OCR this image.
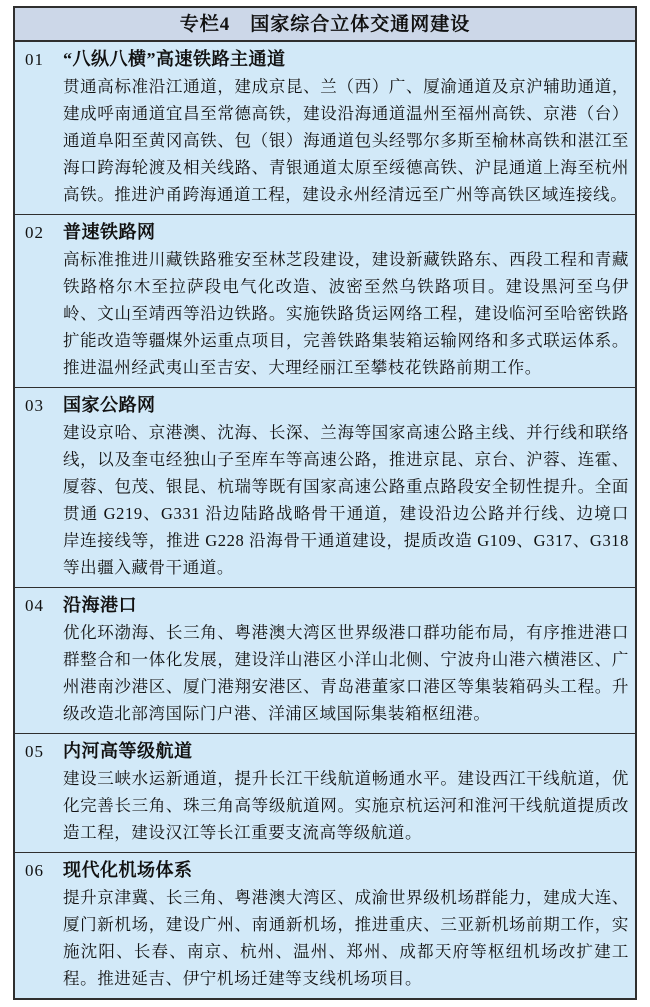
专栏4　国家综合立体交通网建设
01 “八纵八横”高速铁路主通道

贯通高标准沿江通道，建成京昆、兰（西）广、厦渝通道及京沪辅助通道，建成呼南通道宜昌至常德高铁，建设沿海通道温州至福州高铁、京港（台）通道阜阳至黄冈高铁、包（银）海通道包头经鄂尔多斯至榆林高铁和湛江至海口跨海轮渡及相关线路、青银通道太原至绥德高铁、沪昆通道上海至杭州高铁。推进沪甬跨海通道工程，建设永州经清远至广州等高铁区域连接线。

02 普速铁路网

高标准推进川藏铁路雅安至林芝段建设，建设新藏铁路东、西段工程和青藏铁路格尔木至拉萨段电气化改造、波密至然乌铁路项目。建设黑河至乌伊岭、文山至靖西等沿边铁路。实施铁路货运网络工程，建设临河至哈密铁路扩能改造等疆煤外运重点项目，完善铁路集装箱运输网络和多式联运体系。推进温州经武夷山至吉安、大理经丽江至攀枝花铁路前期工作。

03 国家公路网

建设京哈、京港澳、沈海、长深、兰海等国家高速公路主线、并行线和联络线，以及奎屯经独山子至库车等高速公路，推进京昆、京台、沪蓉、连霍、厦蓉、包茂、银昆、杭瑞等既有国家高速公路重点路段安全韧性提升。全面贯通 G219、G331 沿边陆路战略骨干通道，建设沿边公路并行线、边境口岸连接线等，推进 G228 沿海骨干通道建设，提质改造 G109、G317、G318 等出疆入藏骨干通道。

04 沿海港口

优化环渤海、长三角、粤港澳大湾区世界级港口群功能布局，有序推进港口群整合和一体化发展，建设洋山港区小洋山北侧、宁波舟山港六横港区、广州港南沙港区、厦门港翔安港区、青岛港董家口港区等集装箱码头工程。升级改造北部湾国际门户港、洋浦区域国际集装箱枢纽港。

05 内河高等级航道

建设三峡水运新通道，提升长江干线航道畅通水平。建设西江干线航道，优化完善长三角、珠三角高等级航道网。实施京杭运河和淮河干线航道提质改造工程，建设汉江等长江重要支流高等级航道。

06 现代化机场体系

提升京津冀、长三角、粤港澳大湾区、成渝世界级机场群能力，建成大连、厦门新机场，建设广州、南通新机场，推进重庆、三亚新机场前期工作，实施沈阳、长春、南京、杭州、温州、郑州、成都天府等枢纽机场改扩建工程。推进延吉、伊宁机场迁建等支线机场项目。
